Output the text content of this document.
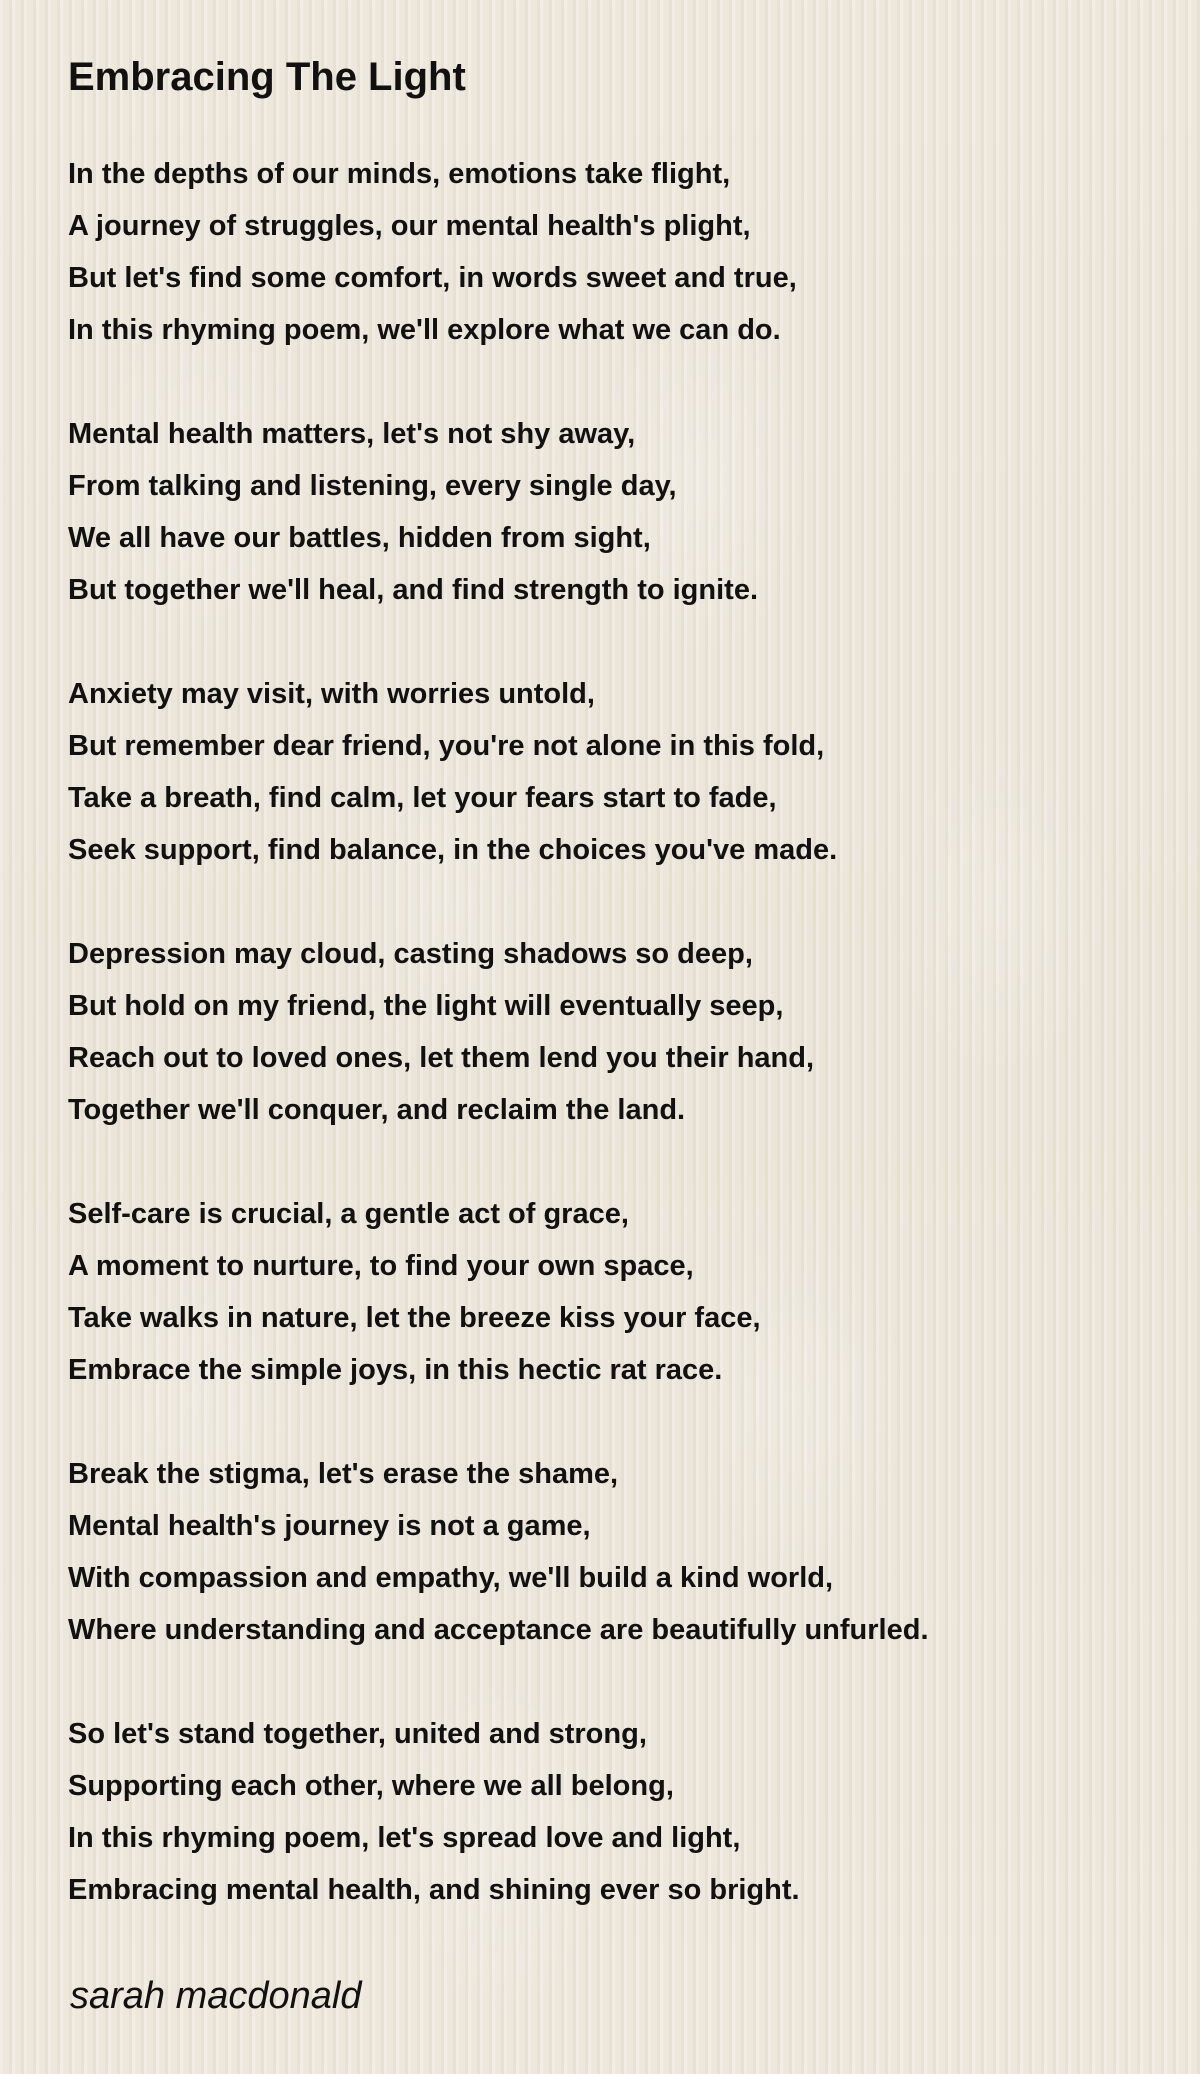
Embracing The Light
In the depths of our minds, emotions take flight,
A journey of struggles, our mental health's plight,
But let's find some comfort, in words sweet and true,
In this rhyming poem, we'll explore what we can do.
Mental health matters, let's not shy away,
From talking and listening, every single day,
We all have our battles, hidden from sight,
But together we'll heal, and find strength to ignite.
Anxiety may visit, with worries untold,
But remember dear friend, you're not alone in this fold,
Take a breath, find calm, let your fears start to fade,
Seek support, find balance, in the choices you've made.
Depression may cloud, casting shadows so deep,
But hold on my friend, the light will eventually seep,
Reach out to loved ones, let them lend you their hand,
Together we'll conquer, and reclaim the land.
Self-care is crucial, a gentle act of grace,
A moment to nurture, to find your own space,
Take walks in nature, let the breeze kiss your face,
Embrace the simple joys, in this hectic rat race.
Break the stigma, let's erase the shame,
Mental health's journey is not a game,
With compassion and empathy, we'll build a kind world,
Where understanding and acceptance are beautifully unfurled.
So let's stand together, united and strong,
Supporting each other, where we all belong,
In this rhyming poem, let's spread love and light,
Embracing mental health, and shining ever so bright.
sarah macdonald
